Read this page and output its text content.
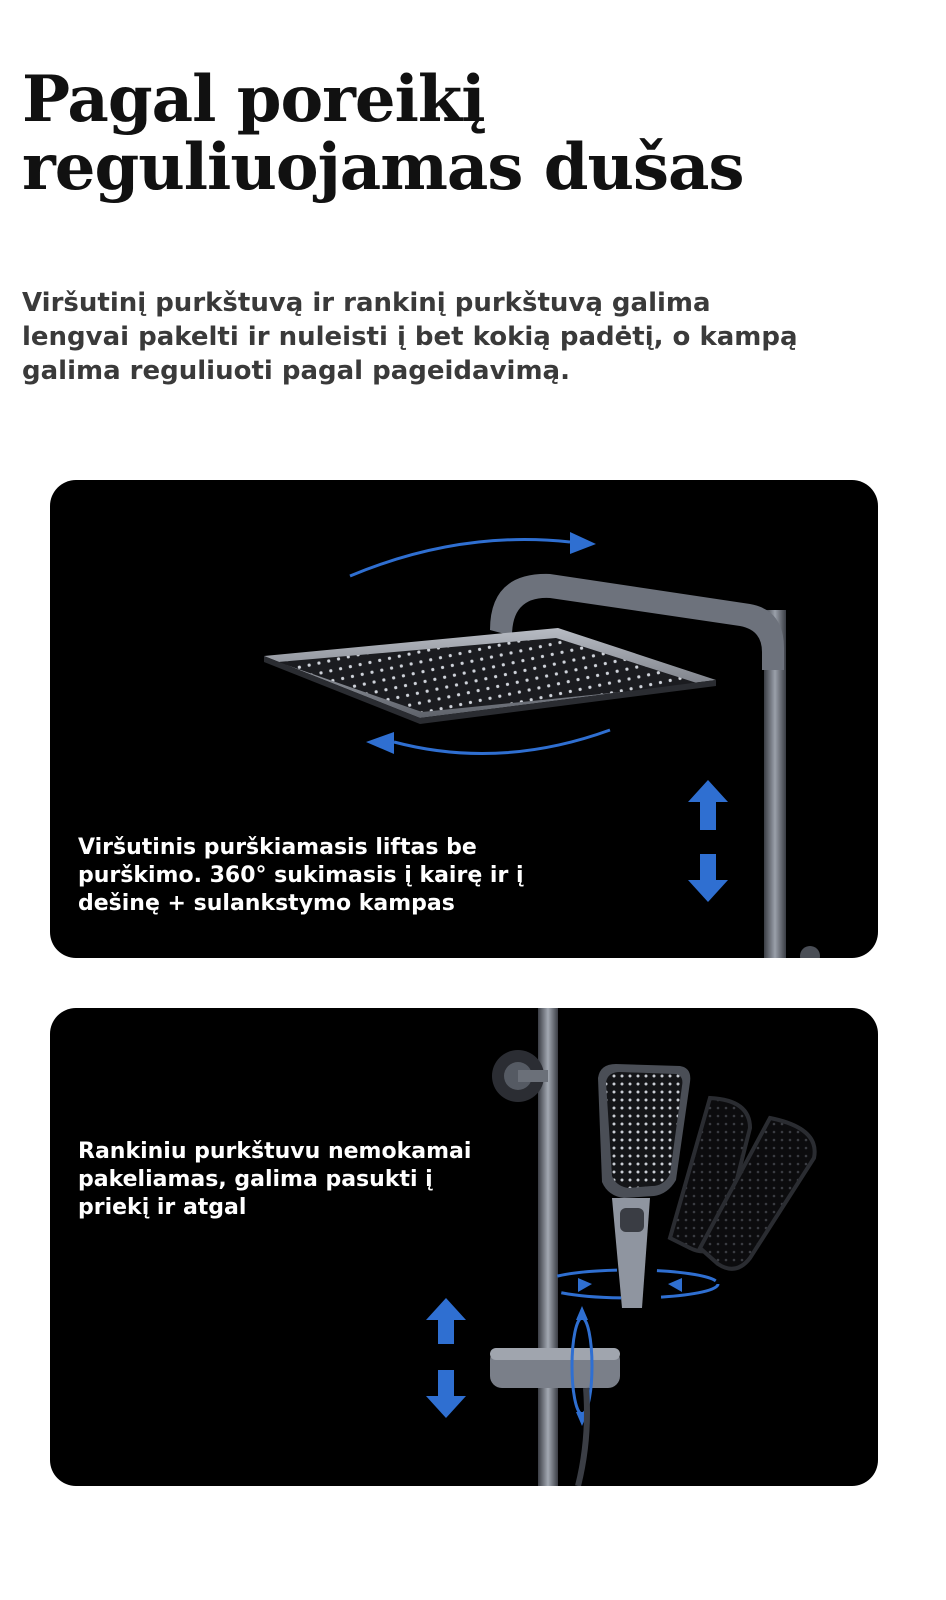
Pagal poreikį reguliuojamas dušas

Viršutinį purkštuvą ir rankinį purkštuvą galima lengvai pakelti ir nuleisti į bet kokią padėtį, o kampą galima reguliuoti pagal pageidavimą.

Viršutinis purškiamasis liftas be purškimo. 360° sukimasis į kairę ir į dešinę + sulankstymo kampas

Rankiniu purkštuvu nemokamai pakeliamas, galima pasukti į priekį ir atgal
